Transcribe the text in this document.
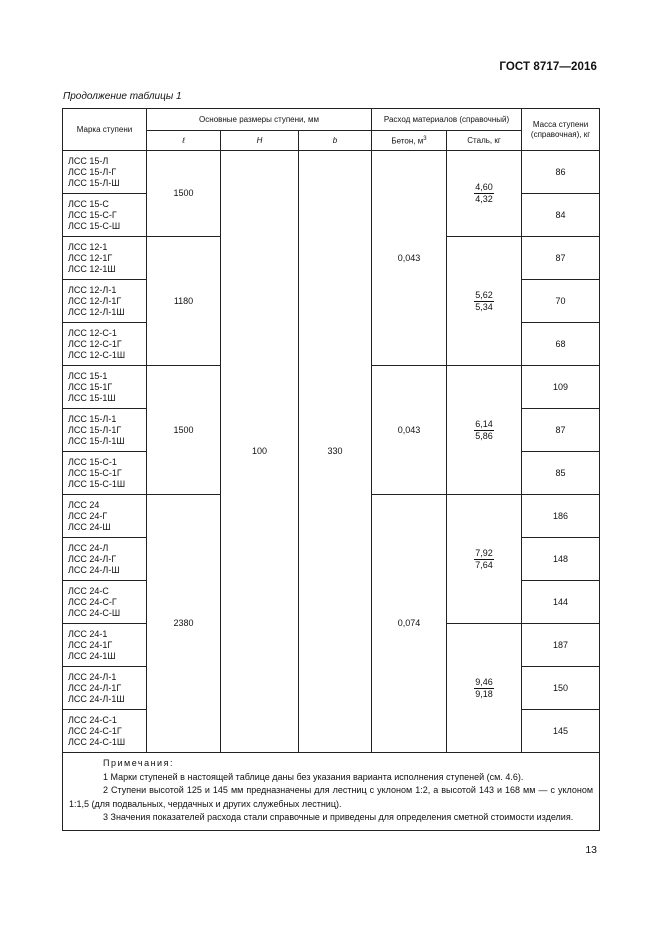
ГОСТ 8717—2016
Продолжение таблицы 1
Марка ступени	Основные размеры ступени, мм			Расход материалов (справочный)		Масса ступени (справочная), кг
	ℓ	H	b	Бетон, $м^3$	Сталь, кг	

ЛСС 15-Л
ЛСС 15-Л-Г
ЛСС 15-Л-Ш	1500	100	330	0,043	$\frac{4,60}{4,32}$	86

ЛСС 15-С
ЛСС 15-С-Г
ЛСС 15-С-Ш						84

ЛСС 12-1
ЛСС 12-1Г
ЛСС 12-1Ш	1180				$\frac{5,62}{5,34}$	87

ЛСС 12-Л-1
ЛСС 12-Л-1Г
ЛСС 12-Л-1Ш						70

ЛСС 12-С-1
ЛСС 12-С-1Г
ЛСС 12-С-1Ш						68

ЛСС 15-1
ЛСС 15-1Г
ЛСС 15-1Ш	1500			0,043	$\frac{6,14}{5,86}$	109

ЛСС 15-Л-1
ЛСС 15-Л-1Г
ЛСС 15-Л-1Ш						87

ЛСС 15-С-1
ЛСС 15-С-1Г
ЛСС 15-С-1Ш						85

ЛСС 24
ЛСС 24-Г
ЛСС 24-Ш	2380			0,074	$\frac{7,92}{7,64}$	186

ЛСС 24-Л
ЛСС 24-Л-Г
ЛСС 24-Л-Ш						148

ЛСС 24-С
ЛСС 24-С-Г
ЛСС 24-С-Ш						144

ЛСС 24-1
ЛСС 24-1Г
ЛСС 24-1Ш					$\frac{9,46}{9,18}$	187

ЛСС 24-Л-1
ЛСС 24-Л-1Г
ЛСС 24-Л-1Ш						150

ЛСС 24-С-1
ЛСС 24-С-1Г
ЛСС 24-С-1Ш						145

Примечания:
1 Марки ступеней в настоящей таблице даны без указания варианта исполнения ступеней (см. 4.6).
2 Ступени высотой 125 и 145 мм предназначены для лестниц с уклоном 1:2, а высотой 143 и 168 мм — с уклоном 1:1,5 (для подвальных, чердачных и других служебных лестниц).
3 Значения показателей расхода стали справочные и приведены для определения сметной стоимости изделия.						
13
